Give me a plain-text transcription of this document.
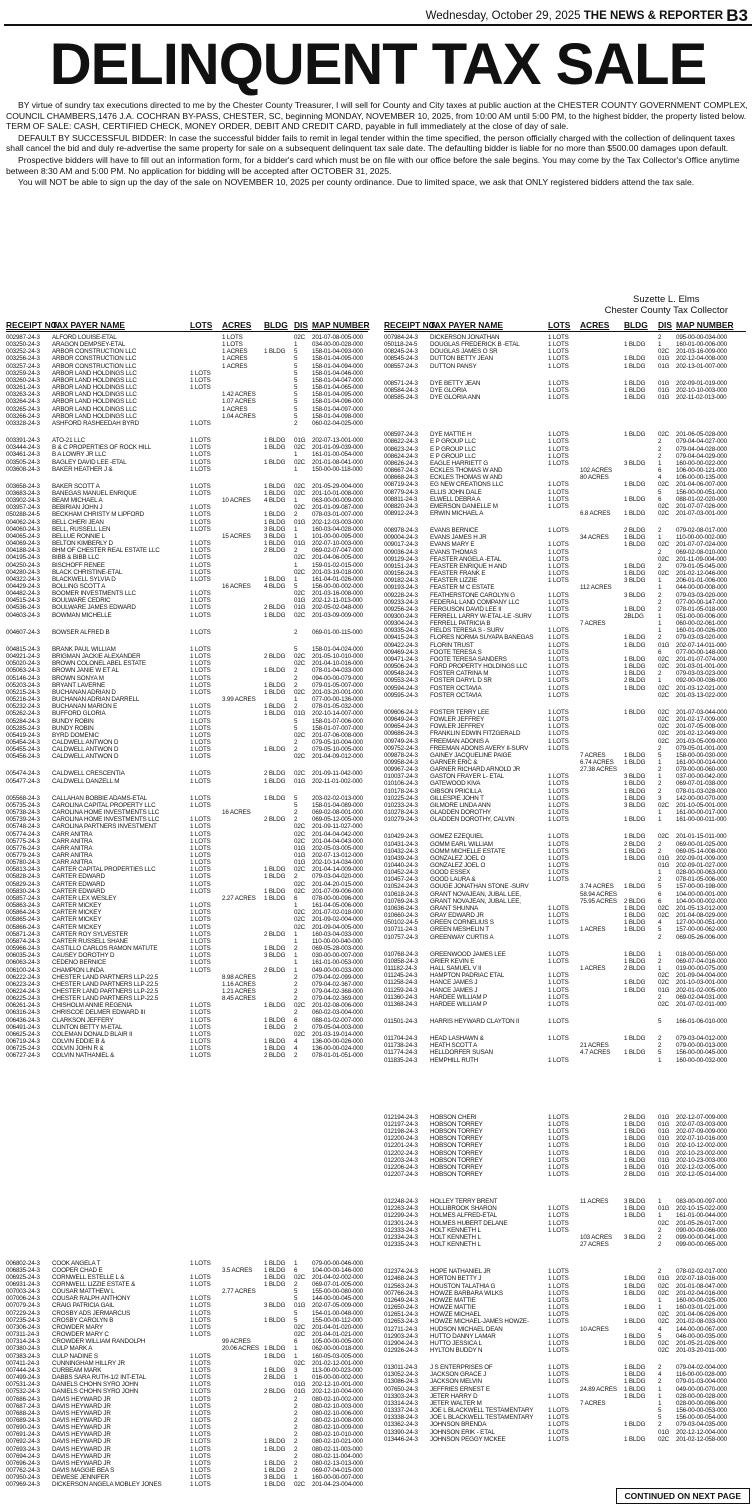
Wednesday, October 29, 2025 THE NEWS & REPORTER B3
DELINQUENT TAX SALE

BY virtue of sundry tax executions directed to me by the Chester County Treasurer, I will sell for County and City taxes at public auction at the CHESTER COUNTY GOVERNMENT COMPLEX, COUNCIL CHAMBERS,1476 J.A. COCHRAN BY-PASS, CHESTER, SC, beginning MONDAY, NOVEMBER 10, 2025, from 10:00 AM until 5:00 PM, to the highest bidder, the property listed below. TERM OF SALE: CASH, CERTIFIED CHECK, MONEY ORDER, DEBIT AND CREDIT CARD, payable in full immediately at the close of day of sale.

DEFAULT BY SUCCESSFUL BIDDER: In case the successful bidder fails to remit in legal tender within the time specified, the person officially charged with the collection of delinquent taxes shall cancel the bid and duly re-advertise the same property for sale on a subsequent delinquent tax sale date. The defaulting bidder is liable for no more than $500.00 damages upon default.

Prospective bidders will have to fill out an information form, for a bidder's card which must be on file with our office before the sale begins. You may come by the Tax Collector's Office anytime between 8:30 AM and 5:00 PM. No application for bidding will be accepted after OCTOBER 31, 2025.

You will NOT be able to sign up the day of the sale on NOVEMBER 10, 2025 per county ordinance. Due to limited space, we ask that ONLY registered bidders attend the tax sale.

Suzette L. Elms
Chester County Tax Collector
RECEIPT NO.
TAX PAYER NAME	LOTS	ACRES	BLDG DIS MAP NUMBER
002987-24-3	ALFORD LOUISE-ETAL	1 LOTS	02C	201-07-08-005-000
003250-24-3	ARAGON DEMPSEY-ETAL	1 LOTS	1	034-00-00-028-000
003252-24-3	ARBOR CONSTRUCTION LLC	1 ACRES	1 BLDG	5	158-01-04-093-000
003256-24-3	ARBOR CONSTRUCTION LLC	1 ACRES	5	158-01-04-095-000
003257-24-3	ARBOR CONSTRUCTION LLC	1 ACRES	5	158-01-04-094-000
003259-24-3	ARBOR LAND HOLDINGS LLC	1 LOTS	5	158-01-04-046-000
003260-24-3	ARBOR LAND HOLDINGS LLC	1 LOTS	5	158-01-04-047-000
003261-24-3	ARBOR LAND HOLDINGS LLC	1 LOTS	5	158-01-04-065-000
003263-24-3	ARBOR LAND HOLDINGS LLC	1.42 ACRES	5	158-01-04-095-000
003264-24-3	ARBOR LAND HOLDINGS LLC	1.07 ACRES	5	158-01-04-096-000
003265-24-3	ARBOR LAND HOLDINGS LLC	1 ACRES	5	158-01-04-097-000
003266-24-3	ARBOR LAND HOLDINGS LLC	1.04 ACRES	5	158-01-04-098-000
003328-24-3	ASHFORD RASHEEDAH BYRD	1 LOTS	2	060-02-04-025-000
003391-24-3	ATO-21 LLC	1 LOTS	1 BLDG	01G	202-07-13-001-000
003444-24-3	B & C PROPERTIES OF ROCK HILL	1 LOTS	1 BLDG	02C	201-01-09-039-000
003461-24-3	B A LOWRY JR LLC	1 LOTS	1	161-01-00-054-000
003505-24-3	BAGLEY DAVID LEE -ETAL	1 LOTS	1 BLDG	02C	201-01-08-041-000
003608-24-3	BAKER HEATHER J &	1 LOTS	1	150-00-00-118-000
003658-24-3	BAKER SCOTT A	1 LOTS	1 BLDG	02C	201-05-29-004-000
003683-24-3	BANEGAS MANUEL ENRIQUE	1 LOTS	1 BLDG	02C	201-10-01-008-000
003902-24-3	BEAM MICHAEL A	10 ACRES	4 BLDG	1	063-00-00-009-000
003957-24-3	BEBIRIAN JOHN J	1 LOTS	02C	201-01-09-087-000
050288-24-5	BECKHAM CHRISTY M LIPFORD	1 LOTS	1 BLDG	2	078-03-01-007-000
004062-24-3	BELL CHERI JEAN	1 LOTS	1 BLDG	01G	202-12-03-003-000
004060-24-3	BELL, RUSSELL LEN	1 LOTS	3 BLDG	1	160-03-04-028-000
004065-24-3	BELLUE RONNIE L	15 ACRES	3 BLDG	1	101-00-00-095-000
004069-24-3	BELTON KIMBERLY D	1 LOTS	1 BLDG	01G	202-07-10-003-000
004188-24-3	BHM OF CHESTER REAL ESTATE LLC	1 LOTS	2 BLDG	2	069-02-07-047-000
004195-24-3	BIBB & BIBB LLC	1 LOTS	02C	201-04-06-005-000
004250-24-3	BISCHOFF RENEE	1 LOTS	1	159-01-02-015-000
004280-24-3	BLACK CHRISTINE-ETAL	1 LOTS	02C	201-03-19-018-000
004322-24-3	BLACKWELL SYLVIA D	1 LOTS	1 BLDG	1	161-04-01-026-000
004429-24-3	BOLLING SCOTT A	16 ACRES	4 BLDG	5	156-00-00-002-000
004482-24-3	BOOMER INVESTMENTS LLC	1 LOTS	02C	201-03-16-008-000
004515-24-3	BOULWARE CEDRIC	1 LOTS	01G	202-12-11-013-000
004536-24-3	BOULWARE JAMES EDWARD	1 LOTS	2 BLDG	01G	202-05-02-048-000
004603-24-3	BOWMAN MICHELLE	1 LOTS	1 BLDG	02C	201-03-09-009-000
004607-24-3	BOWSER ALFRED B	1 LOTS	2	069-01-00-115-000
004815-24-3	BRANK PAUL WILLIAM	1 LOTS	5	158-01-04-024-000
004921-24-3	BRIGMAN JACKIE ALEXANDER	1 LOTS	2 BLDG	02C	201-05-10-010-000
005020-24-3	BROWN COLONEL ABEL ESTATE	1 LOTS	02C	201-04-10-016-000
005063-24-3	BROWN JANIE W ET AL	1 LOTS	1 BLDG	2	078-01-04-033-000
005146-24-3	BROWN SONYA M	1 LOTS	2	094-00-00-079-000
005203-24-3	BRYANT LAVERNE	1 LOTS	1 BLDG	2	079-01-05-007-000
005215-24-3	BUCHANAN ADRIAN D	1 LOTS	1 BLDG	02C	201-03-20-001-000
005216-24-3	BUCHANAN ADRIAN DARRELL	3.99 ACRES	1	077-00-00-136-000
005232-24-3	BUCHANAN MARION E	1 LOTS	1 BLDG	2	078-01-05-032-000
005262-24-3	BUFFORD GLORIA	1 LOTS	1 BLDG	01G	202-10-14-007-000
005284-24-3	BUNDY ROBIN	1 LOTS	5	158-01-07-006-000
005285-24-3	BUNDY ROBIN	1 LOTS	5	158-01-07-007-000
005419-24-3	BYRD DOMENIC	1 LOTS	02C	201-07-06-008-000
005454-24-3	CALDWELL ANTWON D	1 LOTS	2	079-05-10-004-000
005455-24-3	CALDWELL ANTWON D	1 LOTS	1 BLDG	2	079-05-10-005-000
005456-24-3	CALDWELL ANTWON D	1 LOTS	02C	201-04-09-012-000
005474-24-3	CALDWELL CRESCENTIA	1 LOTS	2 BLDG	02C	201-09-11-042-000
005477-24-3	CALDWELL DANZELL M	1 LOTS	1 BLDG	01G	202-11-01-002-000
005568-24-3	CALLAHAN BOBBIE ADAMS-ETAL	1 LOTS	1 BLDG	5	203-02-02-013-000
005735-24-3	CAROLINA CAPITAL PROPERTY LLC	1 LOTS	5	158-01-04-089-000
005738-24-3	CAROLINA HOME INVESTMENTS LLC	16 ACRES	2	069-02-08-001-000
005739-24-3	CAROLINA HOME INVESTMENTS LLC	1 LOTS	2 BLDG	2	069-05-12-005-000
005748-24-3	CAROLINA PARTNERS INVESTMENT	1 LOTS	02C	201-09-11-027-000
005774-24-3	CARR ANITRA	1 LOTS	02C	201-04-04-042-000
005775-24-3	CARR ANITRA	1 LOTS	02C	201-04-04-043-000
005776-24-3	CARR ANITRA	1 LOTS	01G	202-05-03-005-000
005779-24-3	CARR ANITRA	1 LOTS	01G	202-07-13-012-000
005780-24-3	CARR ANITRA	1 LOTS	01G	202-10-14-034-000
005813-24-3	CARTER CAPITAL PROPERTIES LLC	1 LOTS	1 BLDG	02C	201-04-14-009-000
005828-24-3	CARTER EDWARD	1 LOTS	1 BLDG	2	079-03-04-020-000
005829-24-3	CARTER EDWARD	1 LOTS	02C	201-04-20-015-000
005830-24-3	CARTER EDWARD	1 LOTS	1 BLDG	02C	201-07-09-006-000
005857-24-3	CARTER LEX WESLEY	2.27 ACRES	1 BLDG	6	078-00-00-096-000
005863-24-3	CARTER MICKEY	1 LOTS	1	161-04-05-006-000
005864-24-3	CARTER MICKEY	1 LOTS	02C	201-07-02-018-000
005865-24-3	CARTER MICKEY	1 LOTS	02C	201-09-02-004-000
005866-24-3	CARTER MICKEY	1 LOTS	02C	201-09-04-005-000
005871-24-3	CARTER ROY SYLVESTER	1 LOTS	2 BLDG	1	160-03-04-033-000
005874-24-3	CARTER RUSSELL SHANE	1 LOTS	1	110-00-00-040-000
005966-24-3	CASTILLO CARLOS RAMON MATUTE	1 LOTS	1 BLDG	2	069-05-28-003-000
006035-24-3	CAUSEY DOROTHY D	1 LOTS	3 BLDG	1	030-00-00-007-000
006063-24-3	CEDENO BERNICE	1 LOTS	1	161-01-00-053-000
006100-24-3	CHAMPION LINDA	1 LOTS	2 BLDG	1	049-00-00-033-000
006222-24-3	CHESTER LAND PARTNERS LLP-22.5	8.98 ACRES	2	079-04-02-099-000
006223-24-3	CHESTER LAND PARTNERS LLP-22.5	1.16 ACRES	2	079-04-02-367-000
006224-24-3	CHESTER LAND PARTNERS LLP-22.5	1.21 ACRES	2	079-04-02-368-000
006225-24-3	CHESTER LAND PARTNERS LLP-22.5	8.45 ACRES	2	079-04-02-369-000
006261-24-3	CHISHOLM ANNIE REGENIA	1 LOTS	1 BLDG	02C	201-02-08-006-000
006316-24-3	CHRISCOE DELMER EDWARD III	1 LOTS	2	060-02-03-004-000
006436-24-3	CLARKSON JEFFERY	1 LOTS	1 BLDG	6	088-01-02-007-000
006491-24-3	CLINTON BETTY M-ETAL	1 LOTS	1 BLDG	2	079-05-04-003-000
006625-24-3	COLEMAN DONALD BLAIR II	1 LOTS	02C	201-03-19-014-000
006719-24-3	COLVIN EDDIE B &	1 LOTS	1 BLDG	4	136-00-00-026-000
006725-24-3	COLVIN JOHN R &	1 LOTS	1 BLDG	4	136-00-00-024-000
006727-24-3	COLVIN NATHANIEL &	1 LOTS	2 BLDG	2	078-01-01-051-000
006802-24-3	COOK ANGELA T	1 LOTS	1 BLDG	1	079-00-00-046-000
006835-24-3	COOPER CHAD E	3.5 ACRES	1 BLDG	6	104-00-00-146-000
006925-24-3	CORNWELL ESTELLE L &	1 LOTS	1 BLDG	02C	201-04-02-002-000
006931-24-3	CORNWELL LIZZIE ESTATE &	1 LOTS	1 BLDG	2	069-07-01-005-000
007003-24-3	COUSAR MATTHEW L	2.77 ACRES	5	155-00-00-080-000
007006-24-3	COUSAR RALPH ANTHONY	1 LOTS	5	144-00-00-045-000
007079-24-3	CRAIG PATRICIA GAIL	1 LOTS	3 BLDG	01G	202-07-05-009-000
007229-24-3	CROSBY ADS JERMARCUS	1 LOTS	5	154-01-00-048-000
007235-24-3	CROSBY CAROLYN B	1 LOTS	1 BLDG	5	155-00-00-112-000
007306-24-3	CROWDER MARY	1 LOTS	02C	201-04-01-020-000
007311-24-3	CROWDER MARY C	1 LOTS	02C	201-04-01-021-000
007314-24-3	CROWDER WILLIAM RANDOLPH	99 ACRES	6	105-00-00-005-000
007380-24-3	CULP MARK A	20.06 ACRES 1 BLDG	1	062-00-00-018-000
007383-24-3	CULP NADINE S	1 LOTS	1 BLDG	1	160-05-03-005-000
007411-24-3	CUNNINGHAM HILLRY JR	1 LOTS	02C	201-02-12-001-000
007444-24-3	CURBEAM MARK	1 LOTS	1 BLDG	3	113-00-00-023-000
007499-24-3	DABBS SARA RUTH-1/2 INT-ETAL	1 LOTS	2 BLDG	1	016-00-00-002-000
007531-24-3	DANIELS CHOHN SYRO JOHN	1 LOTS	01G	202-12-10-001-000
007532-24-3	DANIELS CHOHN SYRO JOHN	1 LOTS	2 BLDG	01G	202-12-10-004-000
007686-24-3	DAVIS HEYWARD JR	1 LOTS	2	080-02-10-002-000
007687-24-3	DAVIS HEYWARD JR	1 LOTS	2	080-02-10-003-000
007688-24-3	DAVIS HEYWARD JR	1 LOTS	2	080-02-10-006-000
007689-24-3	DAVIS HEYWARD JR	1 LOTS	2	080-02-10-008-000
007690-24-3	DAVIS HEYWARD JR	1 LOTS	2	080-02-10-009-000
007691-24-3	DAVIS HEYWARD JR	1 LOTS	2	080-02-10-010-000
007692-24-3	DAVIS HEYWARD JR	1 LOTS	1 BLDG	2	080-02-10-021-000
007693-24-3	DAVIS HEYWARD JR	1 LOTS	1 BLDG	2	080-02-11-003-000
007694-24-3	DAVIS HEYWARD JR	1 LOTS	2	080-02-11-004-000
007696-24-3	DAVIS HEYWARD JR	1 LOTS	1 BLDG	2	080-02-13-013-000
007762-24-3	DAVIS MAGGIE BEA S	1 LOTS	1 BLDG	2	069-07-04-015-000
007950-24-3	DEWESE JENNIFER	1 LOTS	3 BLDG	1	160-00-00-007-000
007969-24-3	DICKERSON ANGELA MOBLEY JONES	1 LOTS	1 BLDG	02C	201-04-23-004-000
RECEIPT NO.
TAX PAYER NAME	LOTS	ACRES	BLDG	DIS MAP NUMBER
007984-24-3	DICKERSON JONATHAN	1 LOTS	2	095-00-00-034-000
050118-24-5	DOUGLAS FREDERICK B -ETAL	1 LOTS	1 BLDG	1	160-01-00-006-000
008245-24-3	DOUGLAS JAMES O SR	1 LOTS	02C	201-03-16-009-000
008545-24-3	DUTTON BETTY JEAN	1 LOTS	1 BLDG	01G	202-12-04-008-000
008557-24-3	DUTTON PANSY	1 LOTS	1 BLDG	01G	202-13-01-007-000
008571-24-3	DYE BETTY JEAN	1 LOTS	1 BLDG	01G	202-09-01-019-000
008584-24-3	DYE GLORIA	1 LOTS	1 BLDG	01G	202-10-10-003-000
008585-24-3	DYE GLORIA ANN	1 LOTS	1 BLDG	01G	202-11-02-013-000
008597-24-3	DYE MATTIE H	1 LOTS	1 BLDG	02C	201-06-05-028-000
008622-24-3	E P GROUP LLC	1 LOTS	2	079-04-04-027-000
008623-24-3	E P GROUP LLC	1 LOTS	2	079-04-04-028-000
008624-24-3	E P GROUP LLC	1 LOTS	2	079-04-04-029-000
008626-24-3	EAGLE HARRIETT G	1 LOTS	3 BLDG	1	160-00-00-022-000
008667-24-3	ECKLES THOMAS W AND	102 ACRES	6	106-00-00-121-000
008668-24-3	ECKLES THOMAS W AND	80 ACRES	4	106-00-00-135-000
008719-24-3	EG NEW CREATIONS LLC	1 LOTS	1 BLDG	02C	201-04-06-007-000
008779-24-3	ELLIS JOHN DALE	1 LOTS	5	156-00-00-051-000
008811-24-3	ELWELL DEBRA A	1 LOTS	1 BLDG	6	088-01-02-020-000
008820-24-3	EMERSON DANIELLE M	1 LOTS	02C	201-07-07-026-000
008912-24-3	ERWIN MICHAEL A	6.8 ACRES	1 BLDG	02C	201-07-03-001-000
008978-24-3	EVANS BERNICE	1 LOTS	2 BLDG	2	079-02-08-017-000
009004-24-3	EVANS JAMES H JR	34 ACRES	1 BLDG	1	110-00-00-002-000
009017-24-3	EVANS MARY E	1 LOTS	1 BLDG	02C	201-07-07-024-000
009036-24-3	EVANS THOMAS	1 LOTS	2	069-02-08-010-000
009129-24-3	FEASTER ANGELA -ETAL	1 LOTS	02C	201-11-09-004-000
009151-24-3	FEASTER ENRIQUE H AND	1 LOTS	1 BLDG	2	079-01-05-045-000
009156-24-3	FEASTER FRANK E	1 LOTS	1 BLDG	02C	201-02-12-046-000
009182-24-3	FEASTER LIZZIE	1 LOTS	3 BLDG	1	206-01-01-006-000
009193-24-3	FEASTER M C ESTATE	112 ACRES	1	044-00-00-008-000
009228-24-3	FEATHERSTONE CAROLYN G	1 LOTS	3 BLDG	2	079-03-03-020-000
009233-24-3	FEDERAL LAND COMPANY LLC	1 LOTS	2	077-00-00-147-000
009256-24-3	FERGUSON DAVID LEE II	1 LOTS	1 BLDG	2	078-01-05-018-000
009300-24-3	FERRELL LARRY W-ETAL-LE -SURV	1 LOTS	2BLDG	1	051-00-00-006-000
009304-24-3	FERRELL PATRICIA B	7 ACRES	1	060-00-02-061-000
009335-24-3	FIELDS TERESA S - SURV	1 LOTS	1	160-01-00-026-000
009415-24-3	FLORES NORMA SUYAPA BANEGAS	1 LOTS	1 BLDG	2	079-03-03-020-000
009422-24-3	FLORIN TRUST	1 LOTS	1 BLDG	01G	202-07-14-011-000
009469-24-3	FOOTE TERESA S	1 LOTS	6	077-00-00-148-000
009471-24-3	FOOTE TERESA SANDERS	1 LOTS	1 BLDG	02C	201-01-07-074-000
009506-24-3	FORD PROPERTY HOLDINGS LLC	1 LOTS	1 BLDG	02C	201-03-01-001-000
009548-24-3	FOSTER CATRINA M	1 LOTS	1 BLDG	2	079-03-03-023-000
009553-24-3	FOSTER DARYL D SR	1 LOTS	2 BLDG	1	092-00-00-036-000
009594-24-3	FOSTER OCTAVIA	1 LOTS	1 BLDG	02C	201-03-12-021-000
009595-24-3	FOSTER OCTAVIA	1 LOTS	02C	201-03-13-022-000
009606-24-3	FOSTER TERRY LEE	1 LOTS	1 BLDG	02C	201-07-03-044-000
009649-24-3	FOWLER JEFFREY	1 LOTS	02C	201-02-17-009-000
009654-24-3	FOWLER JEFFREY	1 LOTS	02C	201-07-05-008-000
009686-24-3	FRANKLIN EDWIN FITZGERALD	1 LOTS	02C	201-02-12-049-000
009749-24-3	FREEMAN ADONIS A	1 LOTS	02C	201-03-05-009-000
009752-24-3	FREEMAN ADONIS AVERY II-SURV	1 LOTS	2	079-05-01-001-000
009878-24-3	GAINEY JACQUELINE PAIGE	7 ACRES	1 BLDG	5	158-00-00-030-000
009958-24-3	GARNER ERIC &	6.74 ACRES	1 BLDG	1	161-00-00-014-000
009967-24-3	GARNER RICHARD ARNOLD JR	27.38 ACRES	2	079-00-00-060-000
010037-24-3	GASTON FRAYER L- ETAL	1 LOTS	3 BLDG	1	037-00-00-042-000
010106-24-3	GATEWOOD KIVA	1 LOTS	1 BLDG	2	069-07-01-038-000
010178-24-3	GIBSON PRICILLA	1 LOTS	1 BLDG	2	078-01-03-028-000
010225-24-3	GILLESPIE JOHN T	1 LOTS	1 BLDG	3	142-00-00-070-000
010233-24-3	GILMORE LINDA ANN	1 LOTS	3 BLDG	02C	201-10-05-001-000
010278-24-3	GLADDEN DOROTHY	1 LOTS	1	161-00-00-017-000
010279-24-3	GLADDEN DOROTHY, CALVIN	1 LOTS	1 BLDG	1	161-00-00-011-000
010429-24-3	GOMEZ EZEQUIEL	1 LOTS	1 BLDG	02C	201-01-15-011-000
010431-24-3	GOMM EARL WILLIAM	1 LOTS	2 BLDG	2	069-00-01-025-000
010432-24-3	GOMM MICHELLE ESTATE	1 LOTS	1 BLDG	2	069-05-14-008-000
010439-24-3	GONZALEZ JOEL O	1 LOTS	1 BLDG	01G	202-09-01-009-000
010440-24-3	GONZALEZ JOEL O	1 LOTS	01G	202-09-01-027-000
010452-24-3	GOOD ESSEX	1 LOTS	1	028-00-00-063-000
010457-24-3	GOOD LAURA &	1 LOTS	2	078-01-05-006-000
010524-24-3	GOUGE JONATHAN STONE -SURV	3.74 ACRES	1 BLDG	5	157-00-00-198-000
010618-24-3	GRANT NOVAJEAN, JUBAL LEE,	58.94 ACRES	6	104-00-00-001-000
010769-24-3	GRANT NOVAJEAN, JUBAL LEE,	75.95 ACRES	2 BLDG	6	104-00-00-002-000
010636-24-3	GRANT SHUNNA	1 LOTS	1 BLDG	02C	201-05-13-012-000
010660-24-3	GRAY EDWARD JR	1 LOTS	1 BLDG	02C	201-04-08-029-000
050102-24-5	GREEN CORNELIUS S	1 LOTS	1 BLDG	4	127-00-00-051-000
010711-24-3	GREEN MESHELIN T	1 ACRES	1 BLDG	5	157-00-00-062-000
010757-24-3	GREENWAY CURTIS A	1 LOTS	2	069-05-26-006-000
010768-24-3	GREENWOOD JAMES LEE	1 LOTS	1 BLDG	1	018-00-00-050-000
010858-24-3	GRIER KEVIN E	1 LOTS	1 BLDG	2	069-07-04-016-000
011182-24-3	HALL SAMUEL V II	1 ACRES	2 BLDG	1	019-00-00-075-000
011245-24-3	HAMPTON PADRIAC ETAL	1 LOTS	02C	201-09-04-004-000
011258-24-3	HANCE JAMES J	1 LOTS	1 BLDG	02C	201-10-03-001-000
011259-24-3	HANCE JAMES J	1 LOTS	1 BLDG	01G	202-01-02-005-000
011360-24-3	HARDEE WILLIAM P	1 LOTS	2	069-02-04-031-000
011368-24-3	HARDEE WILLIAM P	1 LOTS	02C	201-07-02-011-000
011501-24-3	HARRIS HEYWARD CLAYTON II	1 LOTS	5	166-01-06-010-000
011704-24-3	HEAD LASHAWN &	1 LOTS	1 BLDG	2	079-03-04-012-000
011738-24-3	HEATH SCOTT A	21 ACRES	2	079-00-00-013-000
011774-24-3	HELLDORFER SUSAN	4.7 ACRES	1 BLDG	5	156-00-00-045-000
011835-24-3	HEMPHILL RUTH	1 LOTS	1	160-00-00-032-000
012194-24-3	HOBSON CHERI	1 LOTS	2 BLDG	01G	202-12-07-009-000
012197-24-3	HOBSON TORREY	1 LOTS	1 BLDG	01G	202-07-03-003-000
012198-24-3	HOBSON TORREY	1 LOTS	1 BLDG	01G	202-07-09-009-000
012200-24-3	HOBSON TORREY	1 LOTS	1 BLDG	01G	202-07-10-016-000
012201-24-3	HOBSON TORREY	1 LOTS	1 BLDG	01G	202-10-12-002-000
012202-24-3	HOBSON TORREY	1 LOTS	1 BLDG	01G	202-10-23-002-000
012203-24-3	HOBSON TORREY	1 LOTS	1 BLDG	01G	202-10-23-003-000
012206-24-3	HOBSON TORREY	1 LOTS	1 BLDG	01G	202-12-02-005-000
012207-24-3	HOBSON TORREY	1 LOTS	2 BLDG	01G	202-12-05-014-000
012248-24-3	HOLLEY TERRY BRENT	11 ACRES	3 BLDG	1	083-00-00-097-000
012263-24-3	HOLLIBROOK SHARON	1 LOTS	1 BLDG	01G	202-10-15-022-000
012299-24-3	HOLMES ALFRED-ETAL	1 LOTS	1 BLDG	1	161-01-00-044-000
012301-24-3	HOLMES HUBERT DELANE	1 LOTS	02C	201-05-26-017-000
012333-24-3	HOLT KENNETH L	1 LOTS	2	090-00-00-066-000
012334-24-3	HOLT KENNETH L	103 ACRES	3 BLDG	2	099-00-00-041-000
012335-24-3	HOLT KENNETH L	27 ACRES	2	099-00-00-065-000
012374-24-3	HOPE NATHANIEL JR	1 LOTS	2	078-02-02-017-000
012468-24-3	HORTON BETTY J	1 LOTS	1 BLDG	01G	202-07-18-016-000
012563-24-3	HOUSTON TALATHIA G	1 LOTS	1 BLDG	02C	201-01-08-047-000
007766-24-3	HOWZE BARBARA WILKS	1 LOTS	1 BLDG	02C	201-02-04-016-000
012649-24-3	HOWZE MATTIE	1 LOTS	1	160-00-00-025-000
012650-24-3	HOWZE MATTIE	1 LOTS	1 BLDG	1	160-03-01-021-000
012651-24-3	HOWZE MICHAEL	1 LOTS	02C	201-04-06-026-000
012653-24-3	HOWZE MICHAEL-JAMES HOWZE-	1 LOTS	1 BLDG	02C	201-02-08-033-000
012711-24-3	HUDSON MICHAEL DEAN	10 ACRES	4	144-00-00-067-000
012903-24-3	HUTTO DANNY LAMAR	1 LOTS	1 BLDG	5	046-00-00-035-000
012904-24-3	HUTTO JESSICA L	1 LOTS	1 BLDG	02C	201-05-21-026-000
012926-24-3	HYLTON BUDDY N	1 LOTS	02C	201-03-20-011-000
013011-24-3	J S ENTERPRISES OF	1 LOTS	1 BLDG	2	079-04-02-004-000
013052-24-3	JACKSON GRACE J	1 LOTS	1 BLDG	4	116-00-00-028-000
013086-24-3	JACKSON MELVIN	1 LOTS	1 BLDG	2	079-01-03-004-000
007650-24-3	JEFFRIES ERNEST E	24.89 ACRES	1 BLDG	1	049-00-00-070-000
013303-24-3	JETER HARRY D	1 LOTS	1 BLDG	1	028-00-00-028-000
013314-24-3	JETER WALTER M	7 ACRES	1	028-00-00-096-000
013337-24-3	JOE L BLACKWELL TESTAMENTARY	1 LOTS	5	156-00-00-053-000
013338-24-3	JOE L BLACKWELL TESTAMENTARY	1 LOTS	5	156-00-00-054-000
013362-24-3	JOHNSON BRENDA	1 LOTS	1 BLDG	2	079-03-04-035-000
013390-24-3	JOHNSON ERIK - ETAL	1 LOTS	01G	202-12-12-004-000
013446-24-3	JOHNSON PEGGY MCKEE	1 LOTS	1 BLDG	02C	201-02-12-058-000
CONTINUED ON NEXT PAGE
